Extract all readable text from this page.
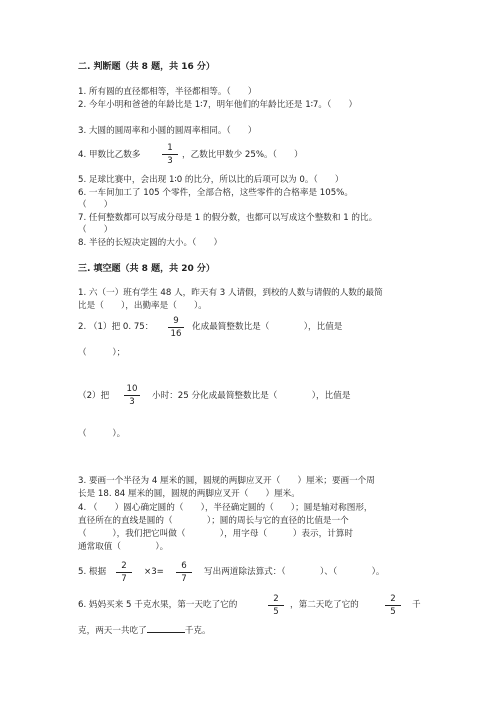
二. 判断题（共 8 题，共 16 分）
1. 所有圆的直径都相等，半径都相等。（　　）
2. 今年小明和爸爸的年龄比是 1∶7，明年他们的年龄比还是 1∶7。（　　）
3. 大圆的圆周率和小圆的圆周率相同。（　　）
4. 甲数比乙数多	$\frac{1}{3}$ ，乙数比甲数少 25%。（　　）
5. 足球比赛中，会出现 1∶0 的比分，所以比的后项可以为 0。（　　）
6. 一车间加工了 105 个零件，全部合格，这些零件的合格率是 105%。
（　　）
7. 任何整数都可以写成分母是 1 的假分数，也都可以写成这个整数和 1 的比。
（　　）
8. 半径的长短决定圆的大小。（　　）
三. 填空题（共 8 题，共 20 分）
1. 六（一）班有学生 48 人，昨天有 3 人请假，到校的人数与请假的人数的最简
比是（　　），出勤率是（　　）。
2. （1）把 0. 75： $\frac{9}{16}$ 化成最简整数比是（　　　　），比值是
（　　　）；
（2）把 $\frac{10}{3}$ 小时：25 分化成最简整数比是（　　　　），比值是
（　　　）。
3. 要画一个半径为 4 厘米的圆，圆规的两脚应叉开（　　）厘米；要画一个周
长是 18. 84 厘米的圆，圆规的两脚应叉开（　　）厘米。
4. （　　）圆心确定圆的（　　），半径确定圆的（　　）；圆是轴对称图形，
直径所在的直线是圆的（　　　　）；圆的周长与它的直径的比值是一个
（　　　），我们把它叫做（　　　　），用字母（　　　）表示，计算时
通常取值（　　　　）。
5. 根据 $\frac{2}{7} \times 3= \frac{6}{7}$ 写出两道除法算式：（　　　　）、（　　　　）。
6. 妈妈买来 5 千克水果，第一天吃了它的	$\frac{2}{5}$ ，第二天吃了它的	$\frac{2}{5}$ 千
克，两天一共吃了	千克。
